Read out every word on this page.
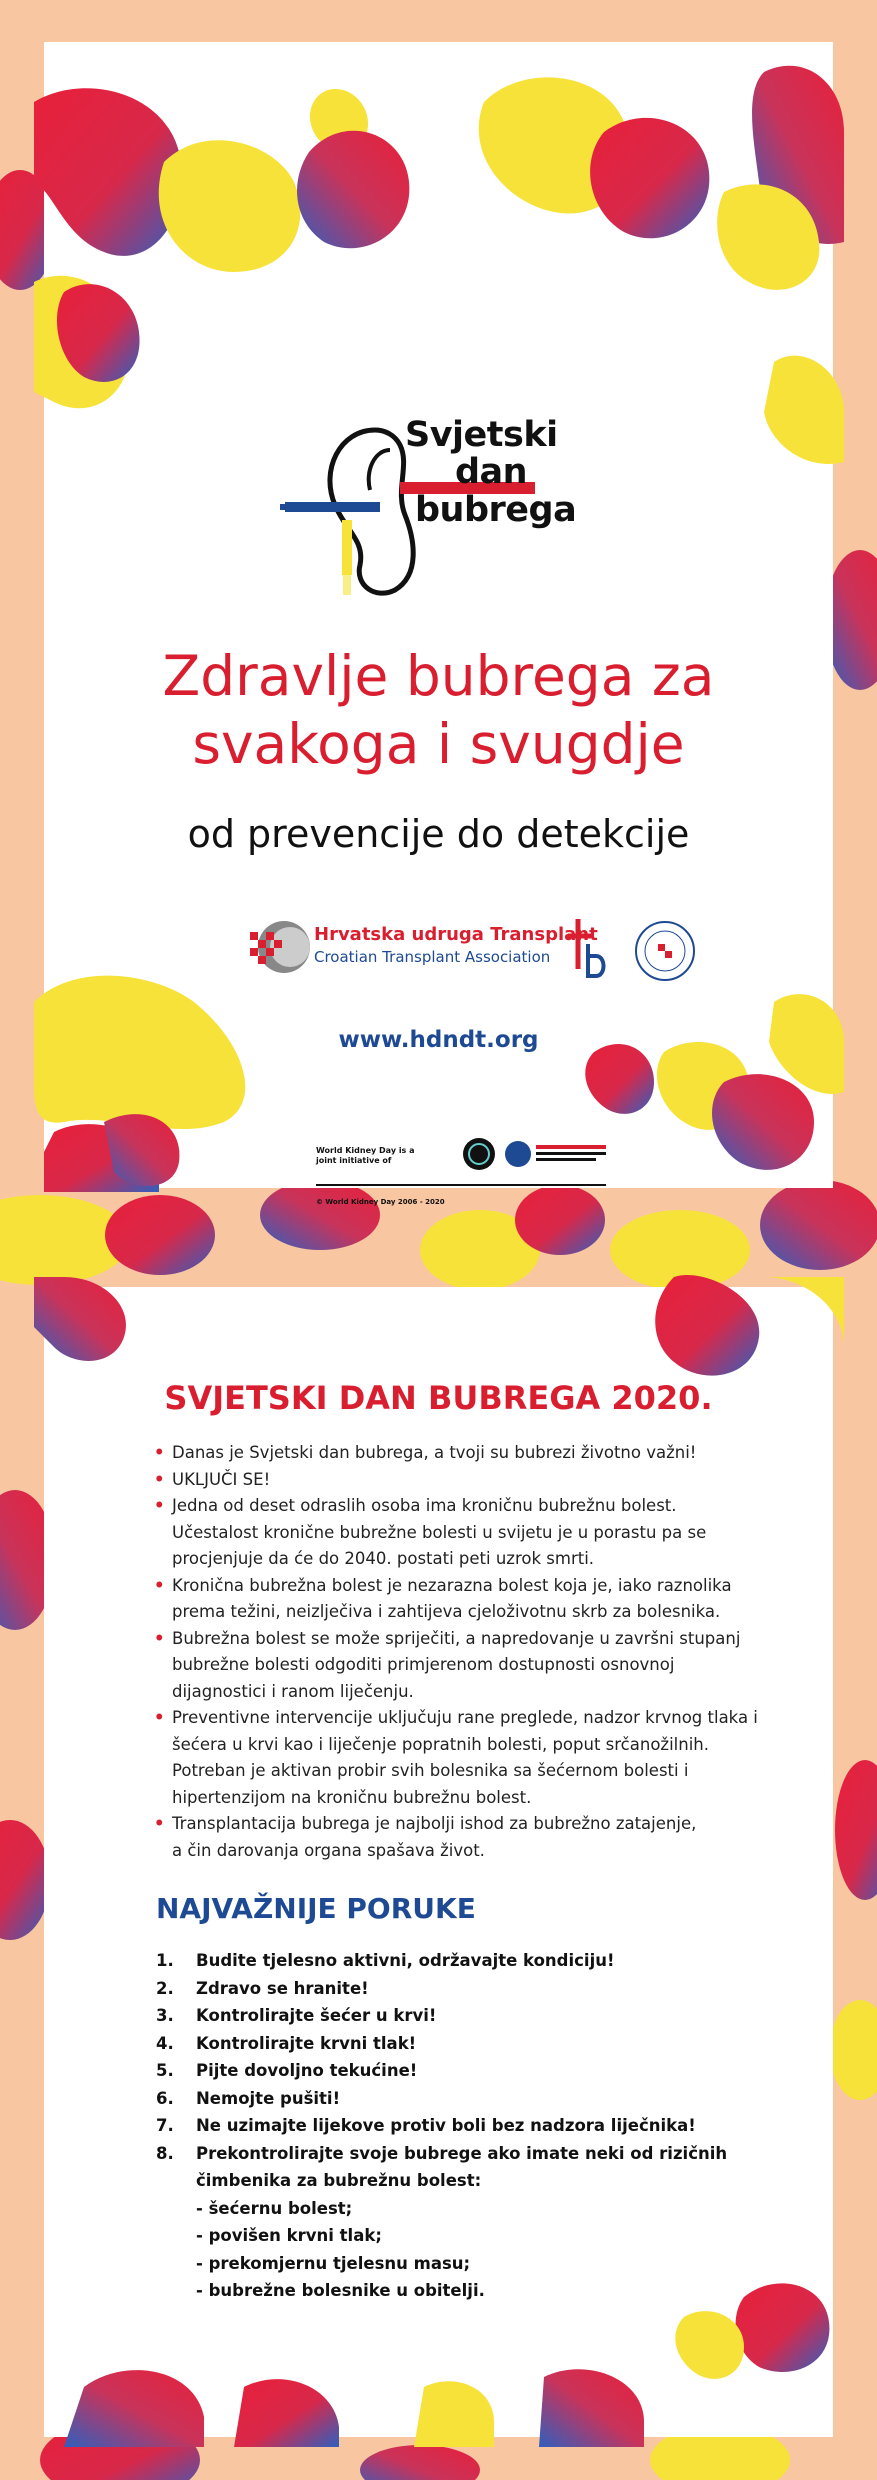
Svjetski
dan
bubrega
Zdravlje bubrega za
svakoga i svugdje
od prevencije do detekcije
Hrvatska udruga Transplant
Croatian Transplant Association
www.hdndt.org
World Kidney Day is a joint initiative of
© World Kidney Day 2006 - 2020
SVJETSKI DAN BUBREGA 2020.
• Danas je Svjetski dan bubrega, a tvoji su bubrezi životno važni!
• UKLJUČI SE!
• Jedna od deset odraslih osoba ima kroničnu bubrežnu bolest.
Učestalost kronične bubrežne bolesti u svijetu je u porastu pa se
procjenjuje da će do 2040. postati peti uzrok smrti.
• Kronična bubrežna bolest je nezarazna bolest koja je, iako raznolika
prema težini, neizlječiva i zahtijeva cjeloživotnu skrb za bolesnika.
• Bubrežna bolest se može spriječiti, a napredovanje u završni stupanj
bubrežne bolesti odgoditi primjerenom dostupnosti osnovnoj
dijagnostici i ranom liječenju.
• Preventivne intervencije uključuju rane preglede, nadzor krvnog tlaka i
šećera u krvi kao i liječenje popratnih bolesti, poput srčanožilnih.
Potreban je aktivan probir svih bolesnika sa šećernom bolesti i
hipertenzijom na kroničnu bubrežnu bolest.
• Transplantacija bubrega je najbolji ishod za bubrežno zatajenje,
a čin darovanja organa spašava život.
NAJVAŽNIJE PORUKE
1. Budite tjelesno aktivni, održavajte kondiciju!
2. Zdravo se hranite!
3. Kontrolirajte šećer u krvi!
4. Kontrolirajte krvni tlak!
5. Pijte dovoljno tekućine!
6. Nemojte pušiti!
7. Ne uzimajte lijekove protiv boli bez nadzora liječnika!
8. Prekontrolirajte svoje bubrege ako imate neki od rizičnih
čimbenika za bubrežnu bolest:
- šećernu bolest;
- povišen krvni tlak;
- prekomjernu tjelesnu masu;
- bubrežne bolesnike u obitelji.
